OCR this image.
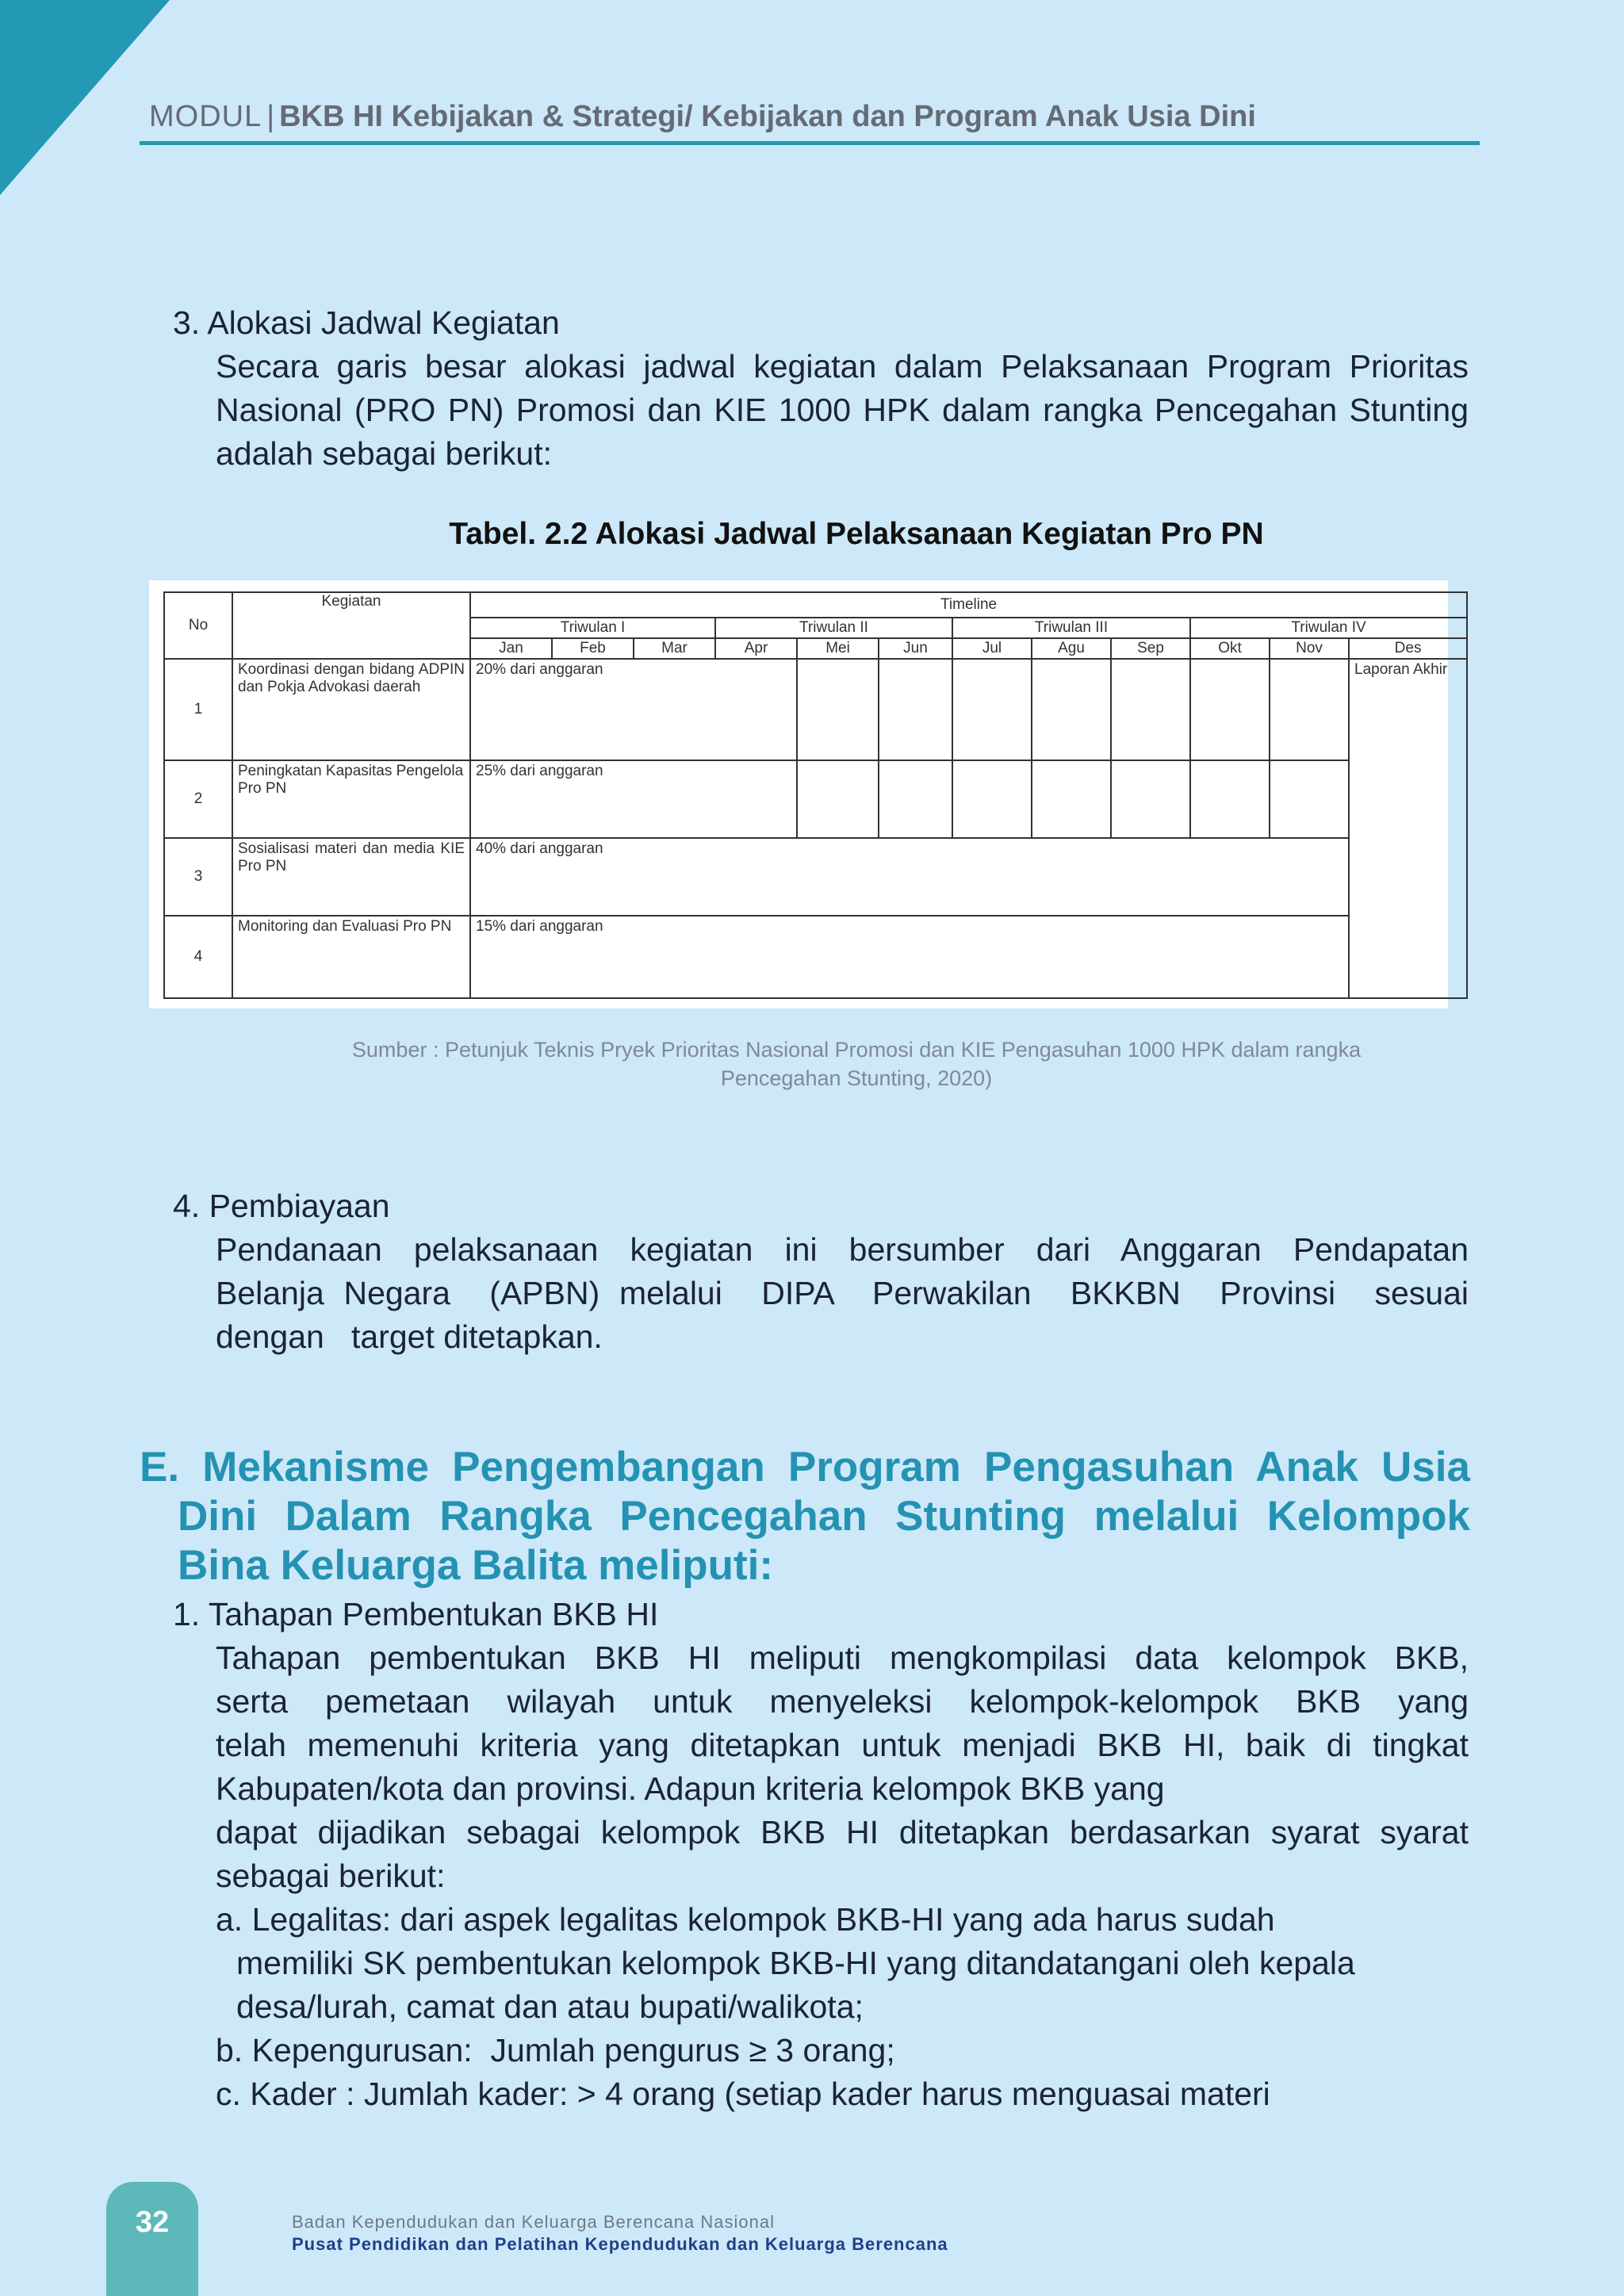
MODUL | BKB HI Kebijakan & Strategi/ Kebijakan dan Program Anak Usia Dini
3. Alokasi Jadwal Kegiatan
Secara garis besar alokasi jadwal kegiatan dalam Pelaksanaan Program Prioritas
Nasional (PRO PN) Promosi dan KIE 1000 HPK dalam rangka Pencegahan Stunting
adalah sebagai berikut:
Tabel. 2.2 Alokasi Jadwal Pelaksanaan Kegiatan Pro PN
No	Kegiatan	Timeline											
		Triwulan I			Triwulan II			Triwulan III			Triwulan IV		
		Jan	Feb	Mar	Apr	Mei	Jun	Jul	Agu	Sep	Okt	Nov	Des
1	Koordinasi dengan bidang ADPIN dan Pokja Advokasi daerah	20% dari anggaran											Laporan Akhir
2	Peningkatan Kapasitas Pengelola Pro PN	25% dari anggaran											
3	Sosialisasi materi dan media KIE Pro PN	40% dari anggaran											
4	Monitoring dan Evaluasi Pro PN	15% dari anggaran											
Sumber : Petunjuk Teknis Pryek Prioritas Nasional Promosi dan KIE Pengasuhan 1000 HPK dalam rangka
Pencegahan Stunting, 2020)
4. Pembiayaan
Pendanaan pelaksanaan kegiatan ini bersumber dari Anggaran Pendapatan
Belanja Negara  (APBN) melalui  DIPA  Perwakilan  BKKBN  Provinsi  sesuai
dengan   target ditetapkan.
E. Mekanisme Pengembangan Program Pengasuhan Anak Usia
Dini Dalam Rangka Pencegahan Stunting melalui Kelompok
Bina Keluarga Balita meliputi:
1. Tahapan Pembentukan BKB HI
Tahapan pembentukan BKB HI meliputi mengkompilasi data kelompok BKB,
serta pemetaan wilayah untuk menyeleksi kelompok-kelompok BKB yang
telah memenuhi kriteria yang ditetapkan untuk menjadi BKB HI, baik di tingkat
Kabupaten/kota dan provinsi. Adapun kriteria kelompok BKB yang
dapat dijadikan sebagai kelompok BKB HI ditetapkan berdasarkan syarat syarat
sebagai berikut:
a. Legalitas: dari aspek legalitas kelompok BKB-HI yang ada harus sudah
memiliki SK pembentukan kelompok BKB-HI yang ditandatangani oleh kepala
desa/lurah, camat dan atau bupati/walikota;
b. Kepengurusan:  Jumlah pengurus ≥ 3 orang;
c. Kader : Jumlah kader: > 4 orang (setiap kader harus menguasai materi
32	Badan Kependudukan dan Keluarga Berencana Nasional
Pusat Pendidikan dan Pelatihan Kependudukan dan Keluarga Berencana
